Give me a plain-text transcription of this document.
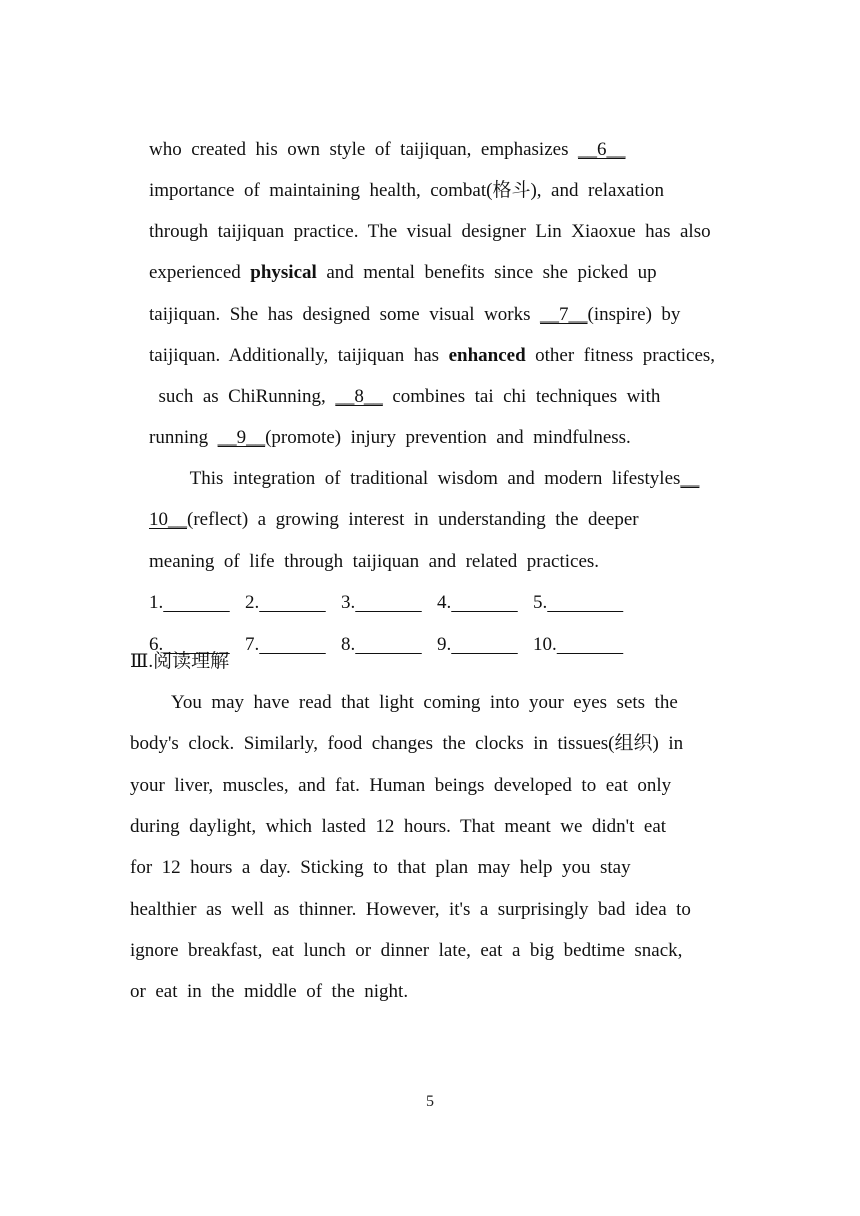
who  created  his  own  style  of  taijiquan,  emphasizes  __6__

importance  of  maintaining  health,  combat(格斗),  and  relaxation

through  taijiquan  practice.  The  visual  designer  Lin  Xiaoxue  has  also

experienced  physical  and  mental  benefits  since  she  picked  up

taijiquan.  She  has  designed  some  visual  works  __7__(inspire)  by

taijiquan.  Additionally,  taijiquan  has  enhanced  other  fitness  practices,

such  as  ChiRunning,  __8__  combines  tai  chi  techniques  with

running  __9__(promote)  injury  prevention  and  mindfulness.

This  integration  of  traditional  wisdom  and  modern  lifestyles__

10__(reflect)  a  growing  interest  in  understanding  the  deeper

meaning  of  life  through  taijiquan  and  related  practices.

1.
	2.
	3.
	4.
	5.

6.
	7.
	8.
	9.
	10.

Ⅲ.阅读理解
You  may  have  read  that  light  coming  into  your  eyes  sets  the
body's  clock.  Similarly,  food  changes  the  clocks  in  tissues(组织)  in
your  liver,  muscles,  and  fat.  Human  beings  developed  to  eat  only
during  daylight,  which  lasted  12  hours.  That  meant  we  didn't  eat
for  12  hours  a  day.  Sticking  to  that  plan  may  help  you  stay
healthier  as  well  as  thinner.  However,  it's  a  surprisingly  bad  idea  to
ignore  breakfast,  eat  lunch  or  dinner  late,  eat  a  big  bedtime  snack,
or  eat  in  the  middle  of  the  night.
5
